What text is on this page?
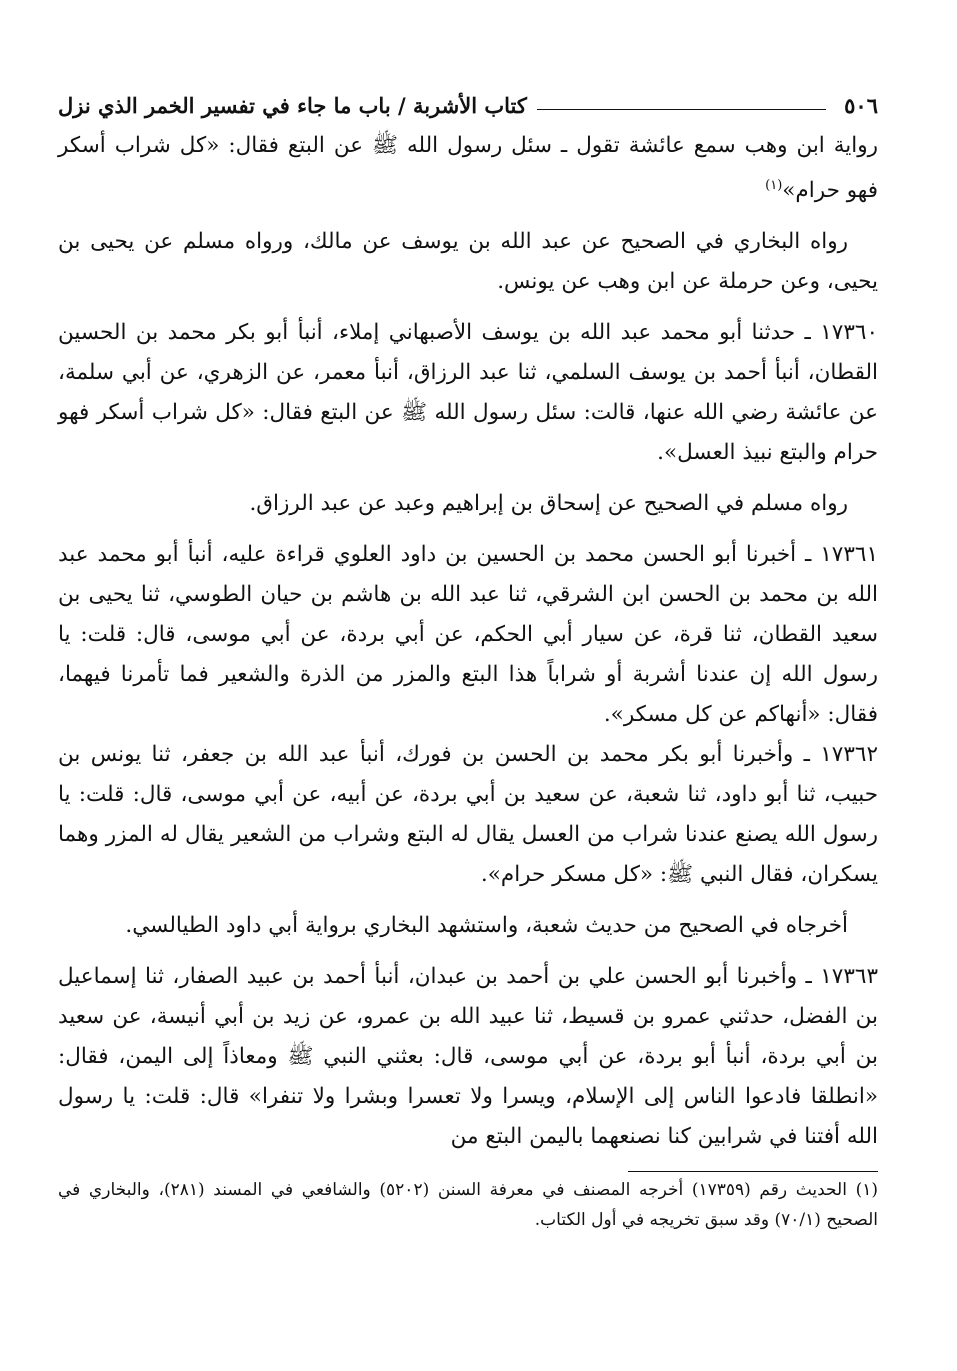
٥٠٦
كتاب الأشربة / باب ما جاء في تفسير الخمر الذي نزل

رواية ابن وهب سمع عائشة تقول ـ سئل رسول الله ﷺ عن البتع فقال: «كل شراب أسكر فهو حرام»$^{(١)}$

رواه البخاري في الصحيح عن عبد الله بن يوسف عن مالك، ورواه مسلم عن يحيى بن يحيى، وعن حرملة عن ابن وهب عن يونس.

١٧٣٦٠ ـ حدثنا أبو محمد عبد الله بن يوسف الأصبهاني إملاء، أنبأ أبو بكر محمد بن الحسين القطان، أنبأ أحمد بن يوسف السلمي، ثنا عبد الرزاق، أنبأ معمر، عن الزهري، عن أبي سلمة، عن عائشة رضي الله عنها، قالت: سئل رسول الله ﷺ عن البتع فقال: «كل شراب أسكر فهو حرام والبتع نبيذ العسل».

رواه مسلم في الصحيح عن إسحاق بن إبراهيم وعبد عن عبد الرزاق.

١٧٣٦١ ـ أخبرنا أبو الحسن محمد بن الحسين بن داود العلوي قراءة عليه، أنبأ أبو محمد عبد الله بن محمد بن الحسن ابن الشرقي، ثنا عبد الله بن هاشم بن حيان الطوسي، ثنا يحيى بن سعيد القطان، ثنا قرة، عن سيار أبي الحكم، عن أبي بردة، عن أبي موسى، قال: قلت: يا رسول الله إن عندنا أشربة أو شراباً هذا البتع والمزر من الذرة والشعير فما تأمرنا فيهما، فقال: «أنهاكم عن كل مسكر».

١٧٣٦٢ ـ وأخبرنا أبو بكر محمد بن الحسن بن فورك، أنبأ عبد الله بن جعفر، ثنا يونس بن حبيب، ثنا أبو داود، ثنا شعبة، عن سعيد بن أبي بردة، عن أبيه، عن أبي موسى، قال: قلت: يا رسول الله يصنع عندنا شراب من العسل يقال له البتع وشراب من الشعير يقال له المزر وهما يسكران، فقال النبي ﷺ: «كل مسكر حرام».

أخرجاه في الصحيح من حديث شعبة، واستشهد البخاري برواية أبي داود الطيالسي.

١٧٣٦٣ ـ وأخبرنا أبو الحسن علي بن أحمد بن عبدان، أنبأ أحمد بن عبيد الصفار، ثنا إسماعيل بن الفضل، حدثني عمرو بن قسيط، ثنا عبيد الله بن عمرو، عن زيد بن أبي أنيسة، عن سعيد بن أبي بردة، أنبأ أبو بردة، عن أبي موسى، قال: بعثني النبي ﷺ ومعاذاً إلى اليمن، فقال: «انطلقا فادعوا الناس إلى الإسلام، ويسرا ولا تعسرا وبشرا ولا تنفرا» قال: قلت: يا رسول الله أفتنا في شرابين كنا نصنعهما باليمن البتع من

(١) الحديث رقم (١٧٣٥٩) أخرجه المصنف في معرفة السنن (٥٢٠٢) والشافعي في المسند (٢٨١)، والبخاري في الصحيح (٧٠/١) وقد سبق تخريجه في أول الكتاب.
